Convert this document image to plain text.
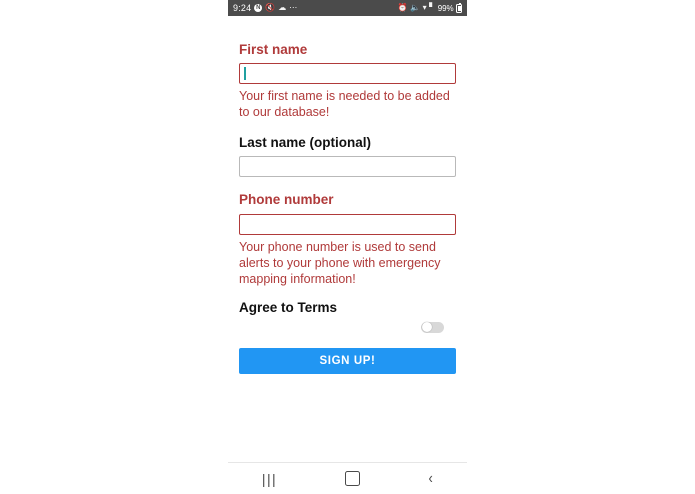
9:24 N 🔇 ☁ ⋯	⏰ 🔈 ▾ ▘ 99%
First name
Your first name is needed to be added to our database!
Last name (optional)
Phone number
Your phone number is used to send alerts to your phone with emergency mapping information!
Agree to Terms
SIGN UP!
|||	‹
